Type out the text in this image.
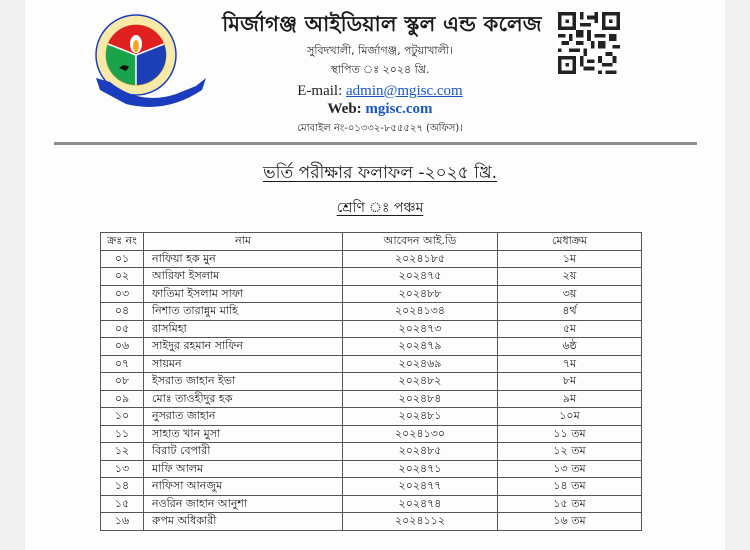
মির্জাগঞ্জ আইডিয়াল স্কুল এন্ড কলেজ
সুবিদখালী, মির্জাগঞ্জ, পটুয়াখালী।
স্থাপিত ঃ ২০২৪ খ্রি.
E-mail: admin@mgisc.com
Web: mgisc.com
মোবাইল নং-০১৩৩২-৮৫৫৫২৭ (অফিস)।
ভর্তি পরীক্ষার ফলাফল -২০২৫ খ্রি.
শ্রেণি ঃ পঞ্চম
ক্রঃ নং	নাম	আবেদন আই.ডি	মেধাক্রম
০১	নাফিয়া হক মুন	২০২৪১৮৫	১ম
০২	আরিফা ইসলাম	২০২৪৭৫	২য়
০৩	ফাতিমা ইসলাম সাফা	২০২৪৮৮	৩য়
০৪	নিশাত তারান্নুম মাহি	২০২৪১৩৪	৪র্থ
০৫	রাসমিহা	২০২৪৭৩	৫ম
০৬	সাইদুর রহমান সাফিন	২০২৪৭৯	৬ষ্ঠ
০৭	সায়মন	২০২৪৬৯	৭ম
০৮	ইসরাত জাহান ইভা	২০২৪৮২	৮ম
০৯	মোঃ তাওহীদুর হক	২০২৪৮৪	৯ম
১০	নুসরাত জাহান	২০২৪৮১	১০ম
১১	সাহাত খান মুসা	২০২৪১৩০	১১ তম
১২	বিরাট বেপারী	২০২৪৮৫	১২ তম
১৩	মাফি আলম	২০২৪৭১	১৩ তম
১৪	নাফিসা আনজুম	২০২৪৭৭	১৪ তম
১৫	নওরিন জাহান আনুশা	২০২৪৭৪	১৫ তম
১৬	রুপম অধিকারী	২০২৪১১২	১৬ তম
